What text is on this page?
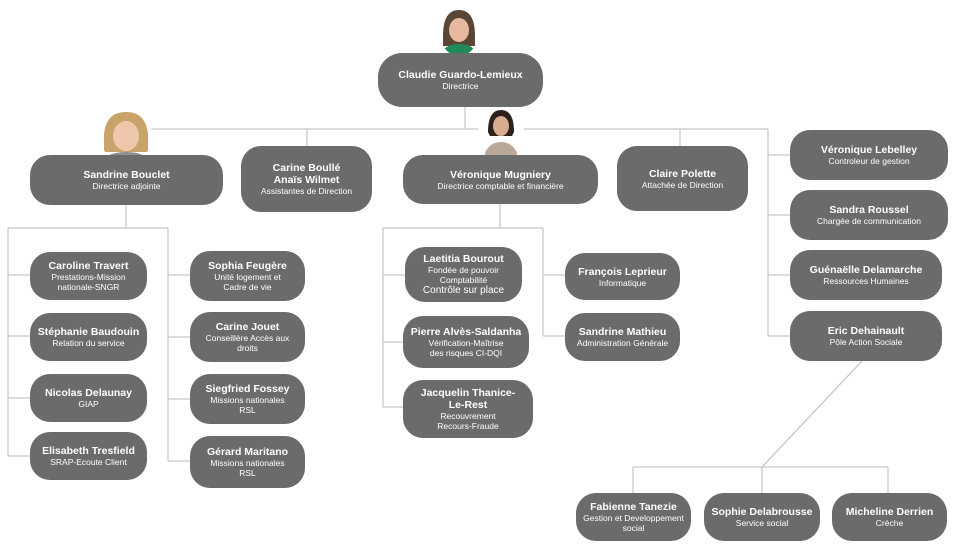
Claudie Guardo-Lemieux
Directrice
Sandrine Bouclet
Directrice adjointe
Carine Boullé
Anaïs Wilmet
Assistantes de Direction
Véronique Mugniery
Directrice comptable et financière
Claire Polette
Attachée de Direction
Véronique Lebelley
Controleur de gestion
Sandra Roussel
Chargée de communication
Guénaëlle Delamarche
Ressources Humaines
Eric Dehainault
Pôle Action Sociale
Caroline Travert
Prestations-Mission
nationale-SNGR
Stéphanie Baudouin
Relation du service
Nicolas Delaunay
GIAP
Elisabeth Tresfield
SRAP-Ecoute Client
Sophia Feugère
Unité logement et
Cadre de vie
Carine Jouet
Conseillère Accès aux
droits
Siegfried Fossey
Missions nationales
RSL
Gérard Maritano
Missions nationales
RSL
Laetitia Bourout
Fondée de pouvoir
Comptabilité
Contrôle sur place
Pierre Alvès-Saldanha
Vérification-Maîtrise
des risques CI-DQI
Jacquelin Thanice-
Le-Rest
Recouvrement
Recours-Fraude
François Leprieur
Informatique
Sandrine Mathieu
Administration Générale
Fabienne Tanezie
Gestion et Developpement
social
Sophie Delabrousse
Service social
Micheline Derrien
Crèche
